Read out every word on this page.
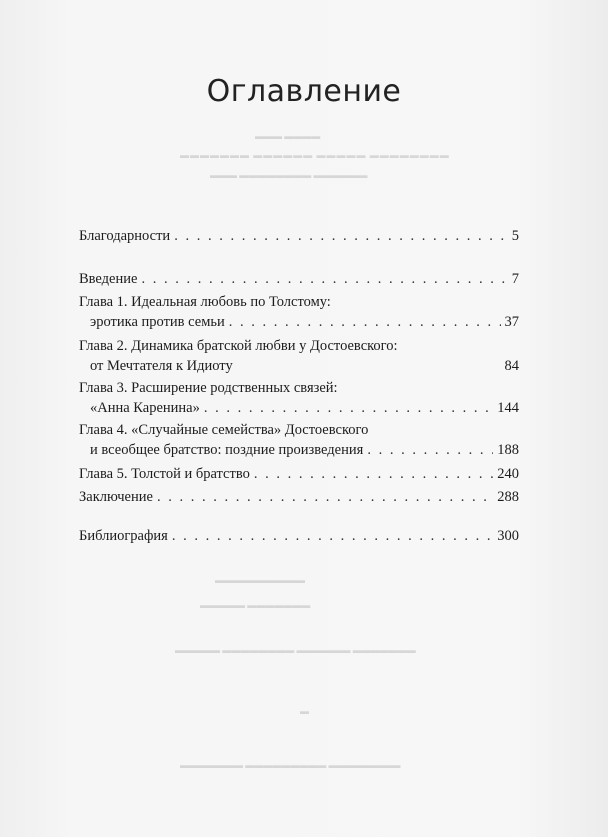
▬▬▬ ▬▬▬▬
▬▬▬▬▬▬▬ ▬▬▬▬▬▬ ▬▬▬▬▬ ▬▬▬▬▬▬▬▬
▬▬▬ ▬▬▬▬▬▬▬▬ ▬▬▬▬▬▬
▬▬▬▬▬▬▬▬▬▬
▬▬▬▬▬ ▬▬▬▬▬▬▬
▬▬▬▬▬ ▬▬▬▬▬▬▬▬ ▬▬▬▬▬▬ ▬▬▬▬▬▬▬
▬
▬▬▬▬▬▬▬ ▬▬▬▬▬▬▬▬▬ ▬▬▬▬▬▬▬▬
Оглавление
Благодарности . . .	5
Введение . . .	7
Глава 1. Идеальная любовь по Толстому:
эротика против семьи . . .	37
Глава 2. Динамика братской любви у Достоевского:
от Мечтателя к Идиоту	84
Глава 3. Расширение родственных связей:
«Анна Каренина» . . .	144
Глава 4. «Случайные семейства» Достоевского
и всеобщее братство: поздние произведения . . .	188
Глава 5. Толстой и братство . . .	240
Заключение . . .	288
Библиография . . .	300
